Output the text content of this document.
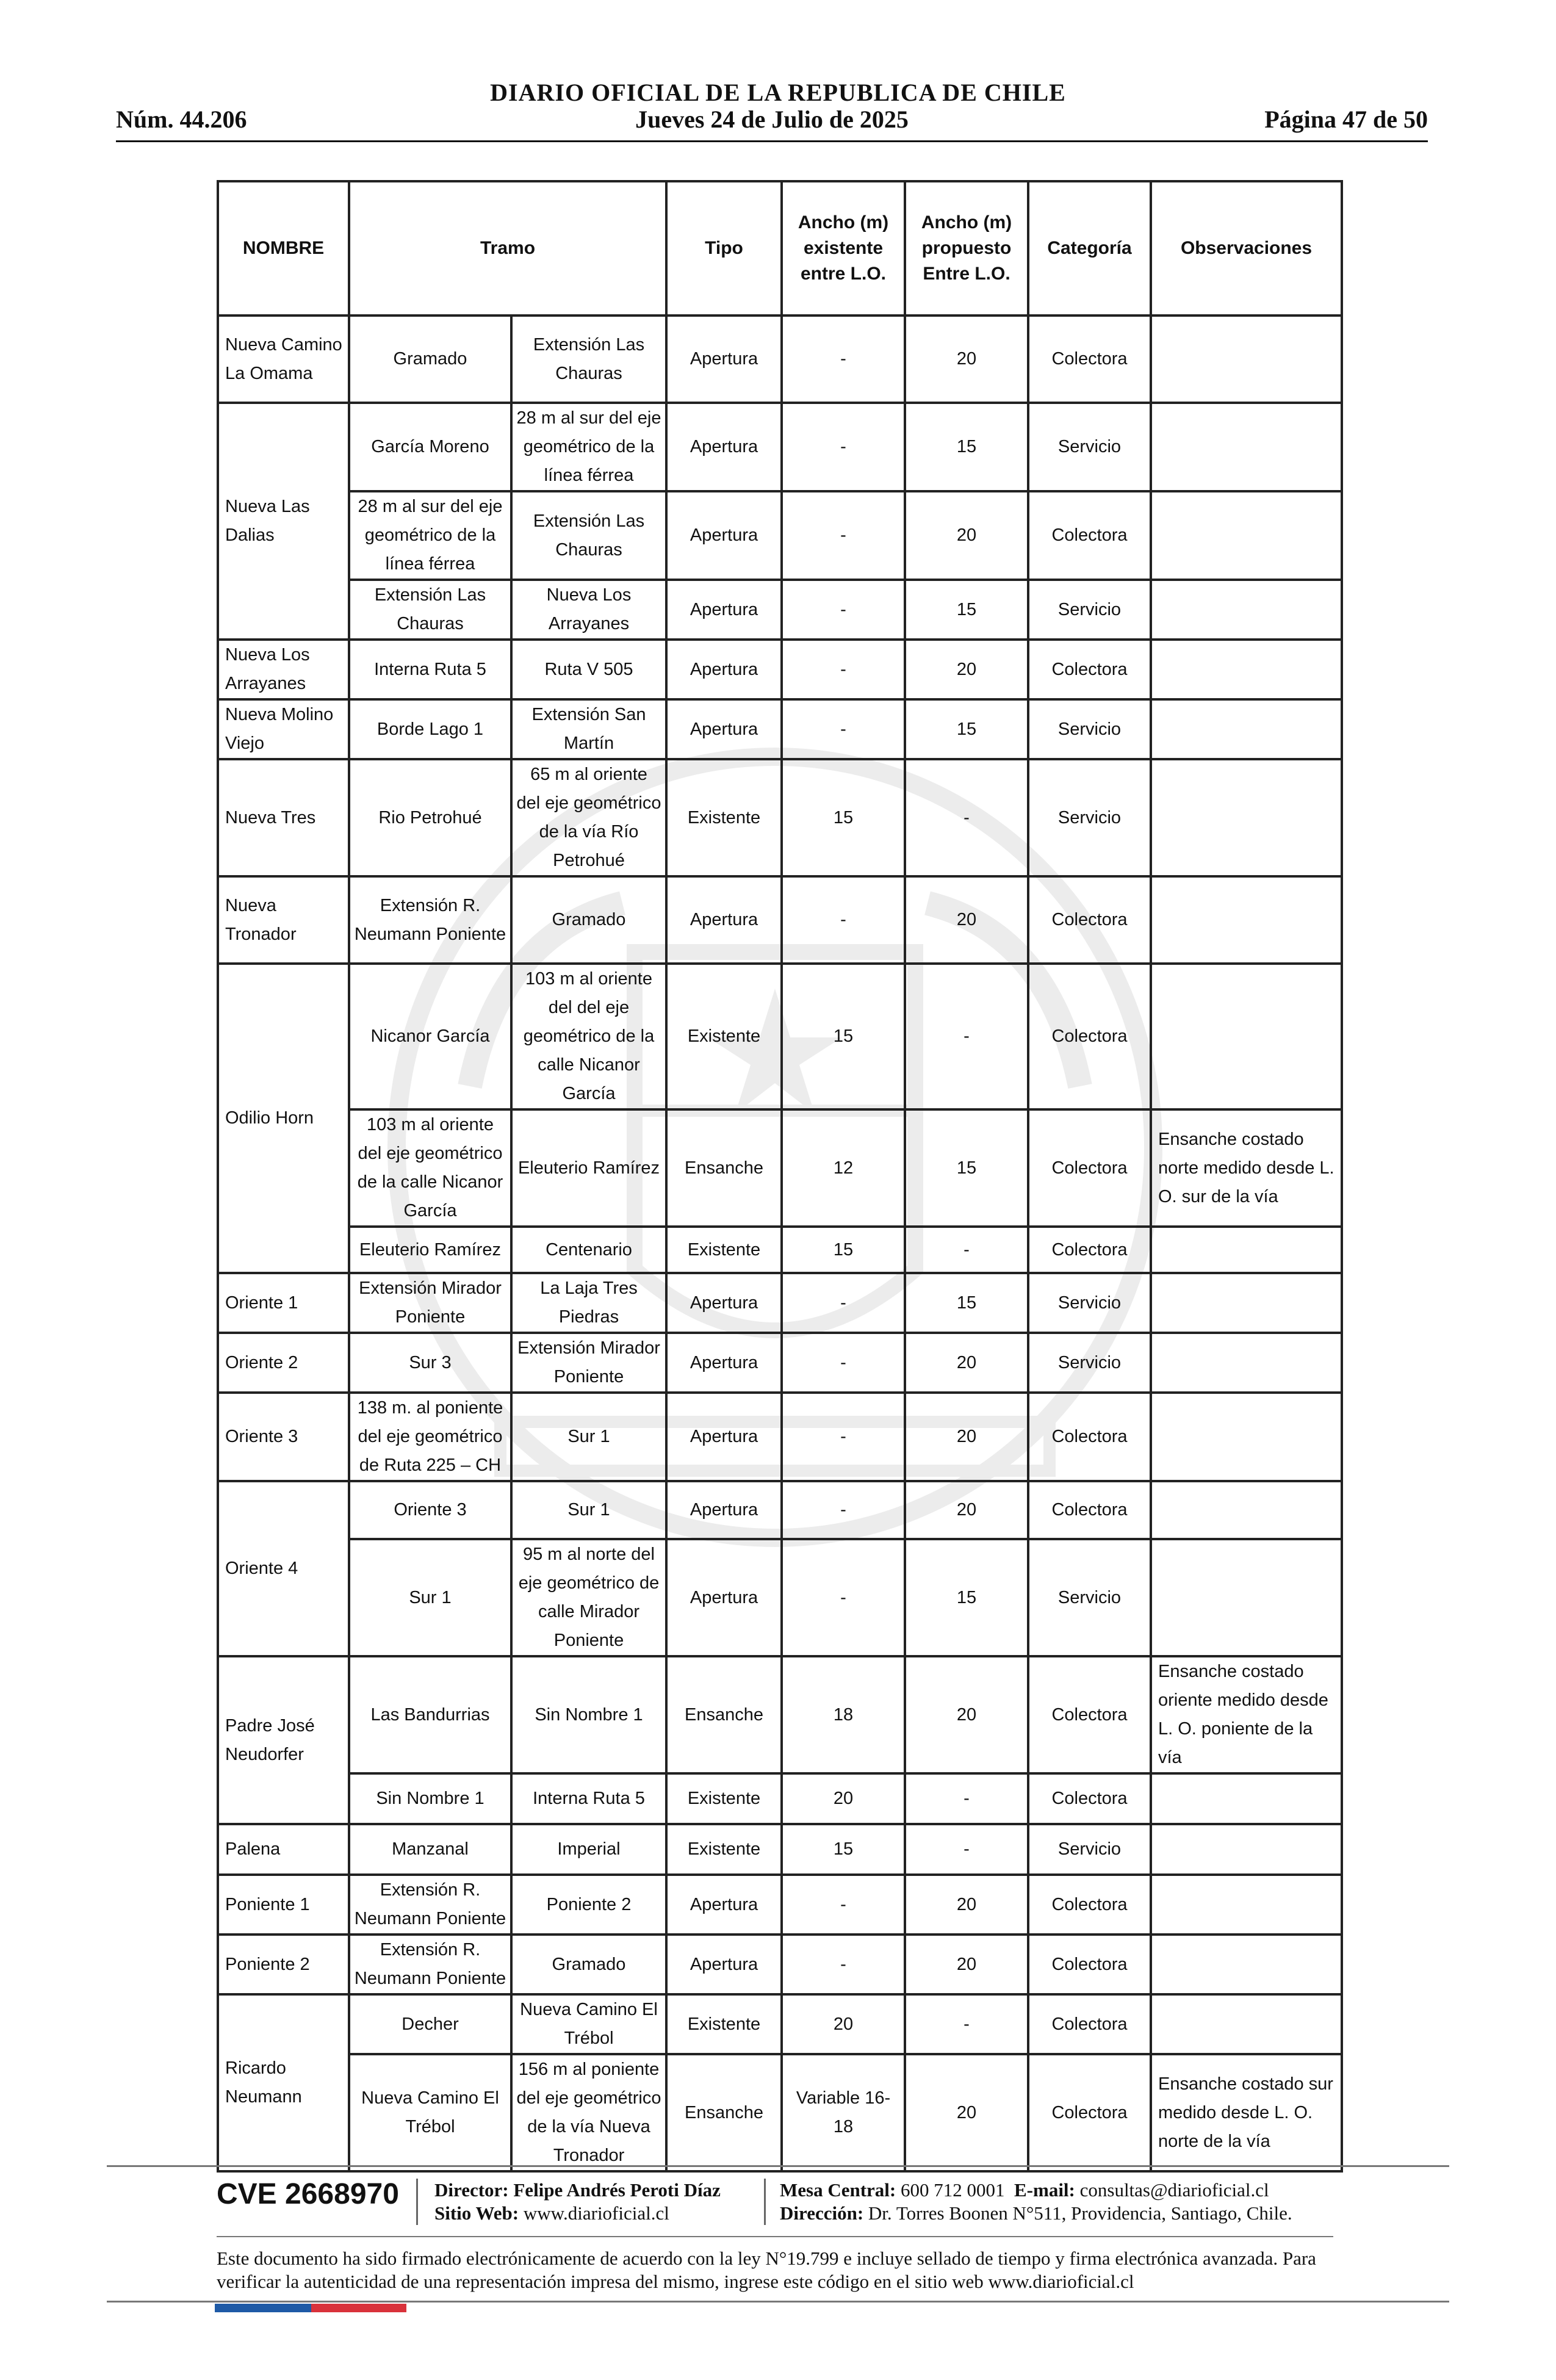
DIARIO OFICIAL DE LA REPUBLICA DE CHILE
Jueves 24 de Julio de 2025
Núm. 44.206	Página 47 de 50
NOMBRE	Tramo		Tipo	Ancho (m) existente entre L.O.	Ancho (m) propuesto Entre L.O.	Categoría	Observaciones
Nueva Camino La Omama	Gramado	Extensión Las Chauras	Apertura	-	20	Colectora	
Nueva Las Dalias	García Moreno	28 m al sur del eje geométrico de la línea férrea	Apertura	-	15	Servicio	
	28 m al sur del eje geométrico de la línea férrea	Extensión Las Chauras	Apertura	-	20	Colectora	
	Extensión Las Chauras	Nueva Los Arrayanes	Apertura	-	15	Servicio	
Nueva Los Arrayanes	Interna Ruta 5	Ruta V 505	Apertura	-	20	Colectora	
Nueva Molino Viejo	Borde Lago 1	Extensión San Martín	Apertura	-	15	Servicio	
Nueva Tres	Rio Petrohué	65 m al oriente del eje geométrico de la vía Río Petrohué	Existente	15	-	Servicio	
Nueva Tronador	Extensión R. Neumann Poniente	Gramado	Apertura	-	20	Colectora	
Odilio Horn	Nicanor García	103 m al oriente del del eje geométrico de la calle Nicanor García	Existente	15	-	Colectora	
	103 m al oriente del eje geométrico de la calle Nicanor García	Eleuterio Ramírez	Ensanche	12	15	Colectora	Ensanche costado norte medido desde L. O. sur de la vía
	Eleuterio Ramírez	Centenario	Existente	15	-	Colectora	
Oriente 1	Extensión Mirador Poniente	La Laja Tres Piedras	Apertura	-	15	Servicio	
Oriente 2	Sur 3	Extensión Mirador Poniente	Apertura	-	20	Servicio	
Oriente 3	138 m. al poniente del eje geométrico de Ruta 225 – CH	Sur 1	Apertura	-	20	Colectora	
Oriente 4	Oriente 3	Sur 1	Apertura	-	20	Colectora	
	Sur 1	95 m al norte del eje geométrico de calle Mirador Poniente	Apertura	-	15	Servicio	
Padre José Neudorfer	Las Bandurrias	Sin Nombre 1	Ensanche	18	20	Colectora	Ensanche costado oriente medido desde L. O. poniente de la vía
	Sin Nombre 1	Interna Ruta 5	Existente	20	-	Colectora	
Palena	Manzanal	Imperial	Existente	15	-	Servicio	
Poniente 1	Extensión R. Neumann Poniente	Poniente 2	Apertura	-	20	Colectora	
Poniente 2	Extensión R. Neumann Poniente	Gramado	Apertura	-	20	Colectora	
Ricardo Neumann	Decher	Nueva Camino El Trébol	Existente	20	-	Colectora	
	Nueva Camino El Trébol	156 m al poniente del eje geométrico de la vía Nueva Tronador	Ensanche	Variable 16-18	20	Colectora	Ensanche costado sur medido desde L. O. norte de la vía
CVE 2668970 Director: Felipe Andrés Peroti Díaz
Sitio Web: www.diarioficial.cl
Mesa Central: 600 712 0001 E-mail: consultas@diarioficial.cl
Dirección: Dr. Torres Boonen N°511, Providencia, Santiago, Chile.
Este documento ha sido firmado electrónicamente de acuerdo con la ley N°19.799 e incluye sellado de tiempo y firma electrónica avanzada. Para verificar la autenticidad de una representación impresa del mismo, ingrese este código en el sitio web www.diarioficial.cl
